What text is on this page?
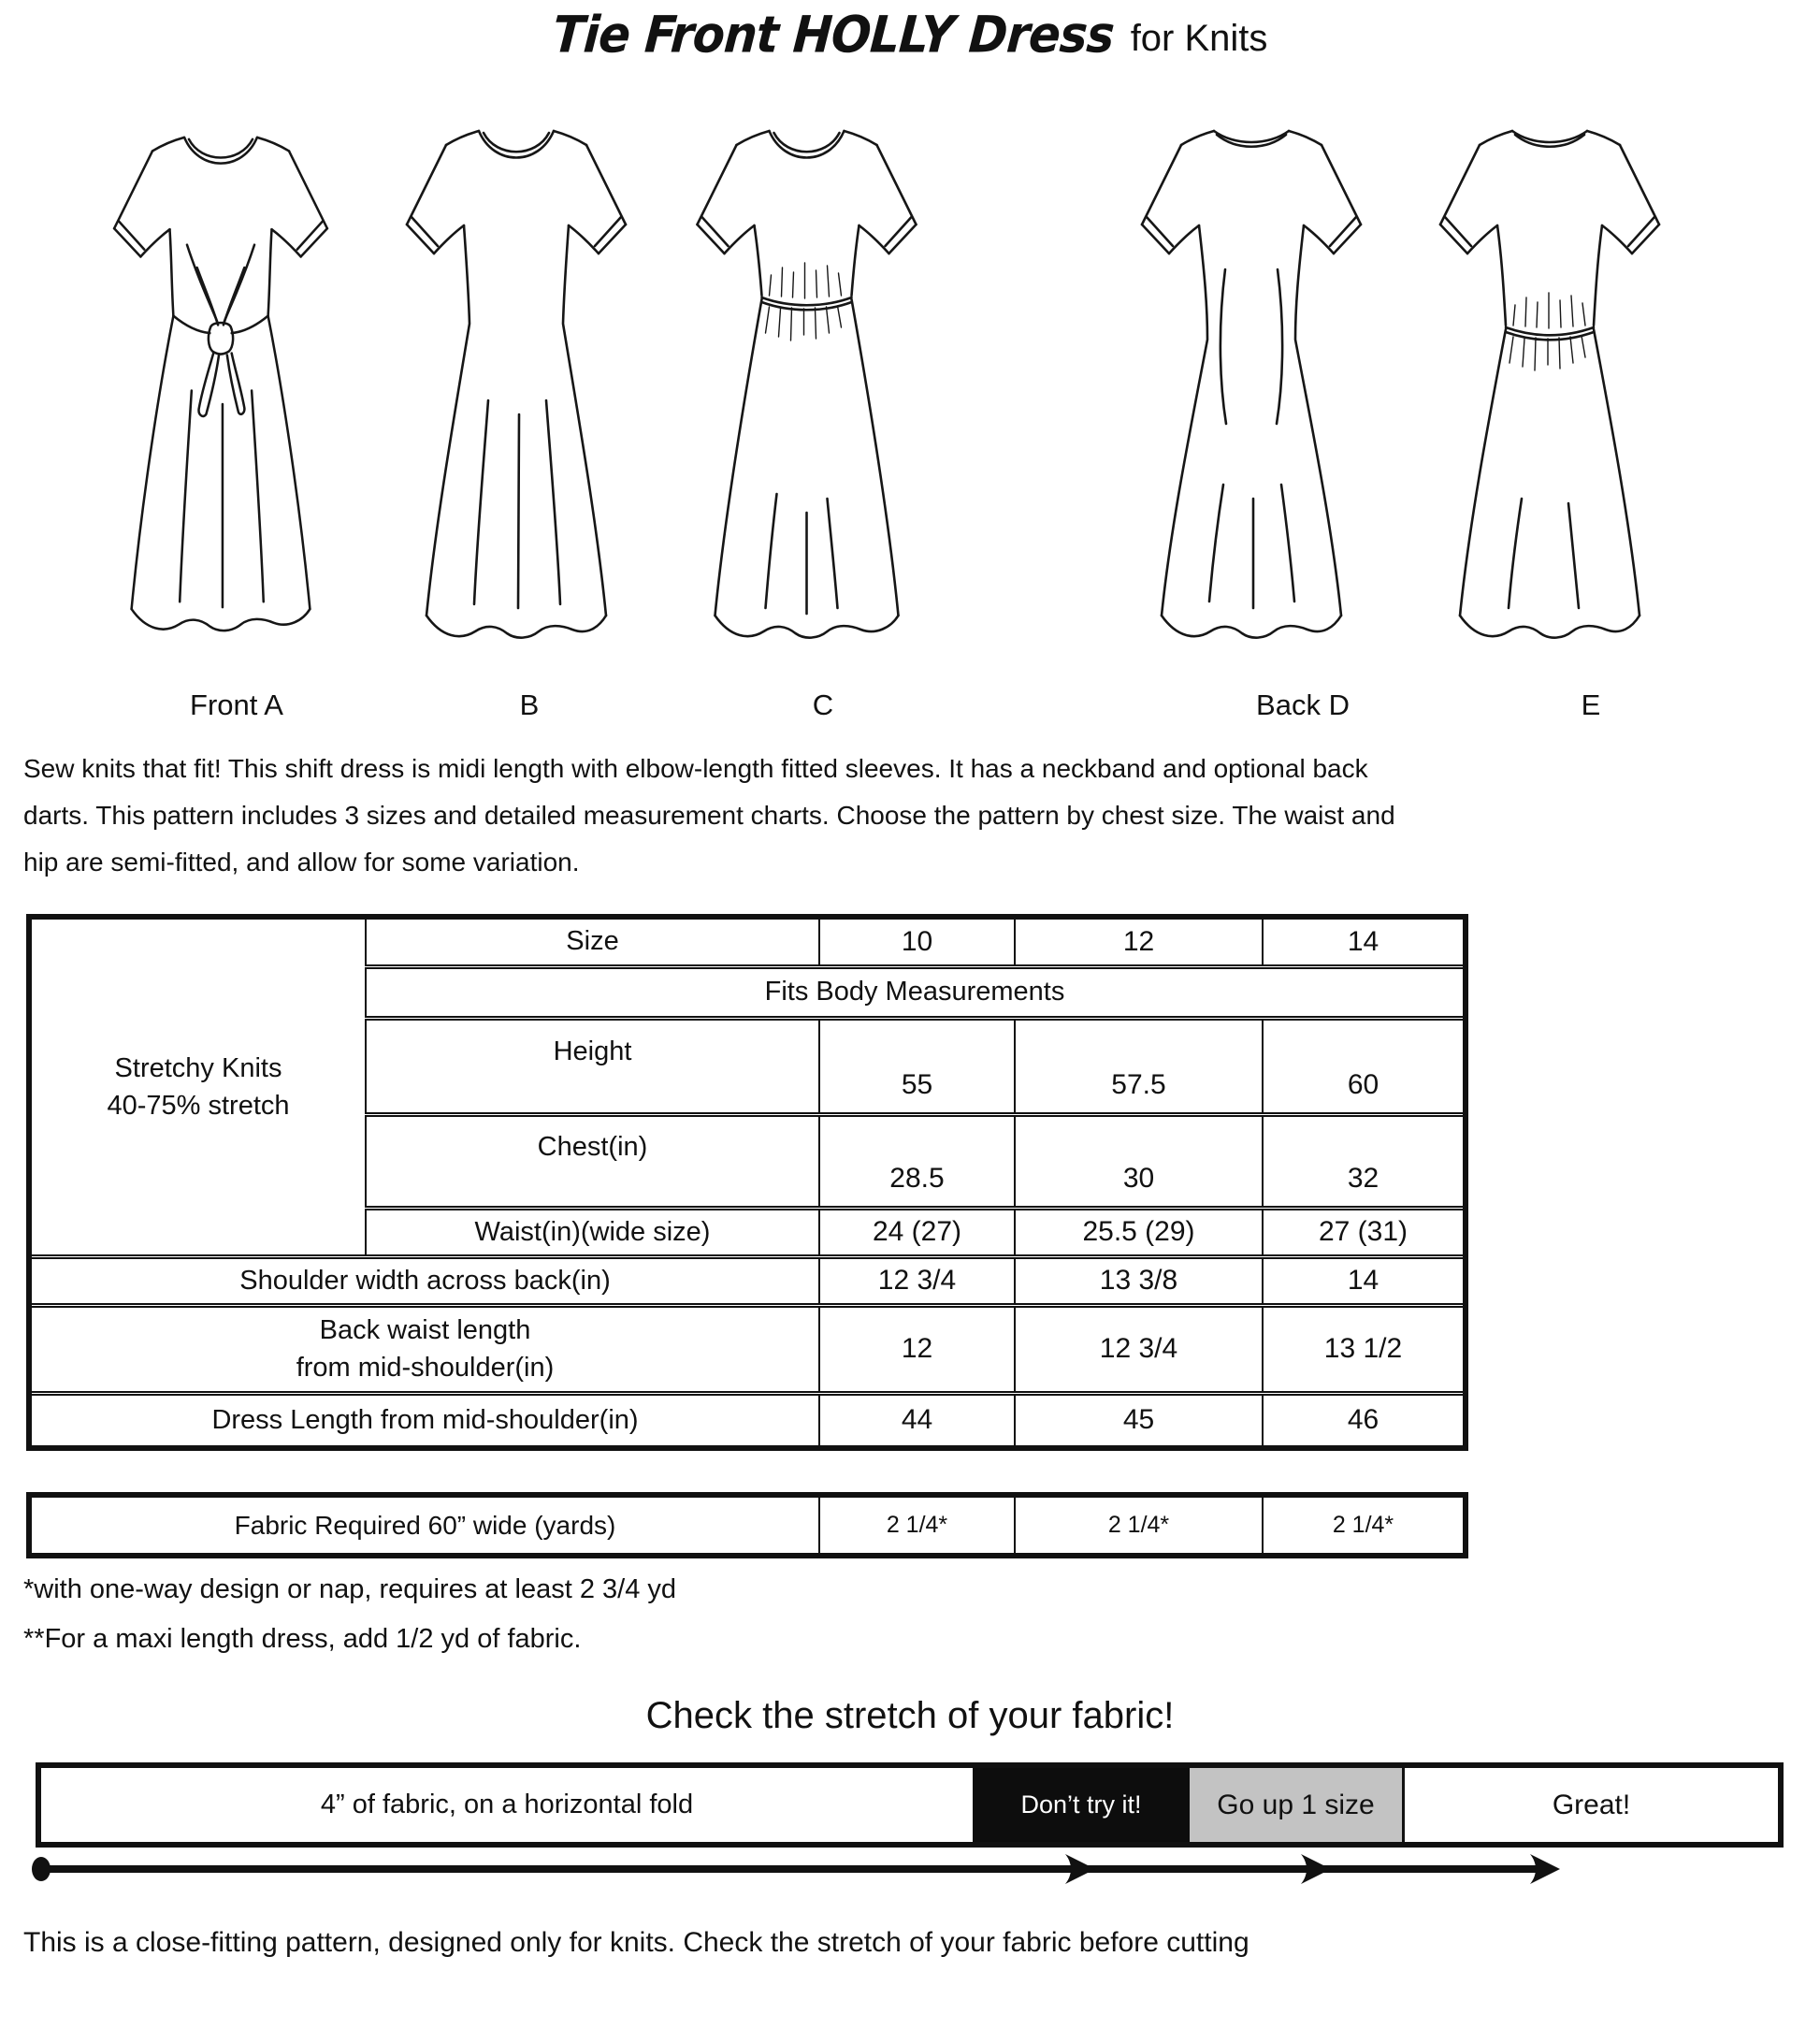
Tie Front HOLLY Dress for Knits
Front A	B	C	Back D	E
Sew knits that fit! This shift dress is midi length with elbow-length fitted sleeves. It has a neckband and optional back
darts. This pattern includes 3 sizes and detailed measurement charts. Choose the pattern by chest size. The waist and
hip are semi-fitted, and allow for some variation.
Stretchy Knits
40-75% stretch	Size	10	12	14
	Fits Body Measurements			
	Height	55	57.5	60
	Chest(in)	28.5	30	32
	Waist(in)(wide size)	24 (27)	25.5 (29)	27 (31)
Shoulder width across back(in)		12 3/4	13 3/8	14

Back waist length
from mid-shoulder(in)		12	12 3/4	13 1/2
Dress Length from mid-shoulder(in)		44	45	46
Fabric Required 60” wide (yards)	2 1/4*	2 1/4*	2 1/4*
*with one-way design or nap, requires at least 2 3/4 yd
**For a maxi length dress, add 1/2 yd of fabric.
Check the stretch of your fabric!
4” of fabric, on a horizontal fold	Don’t try it!	Go up 1 size	Great!
This is a close-fitting pattern, designed only for knits. Check the stretch of your fabric before cutting
